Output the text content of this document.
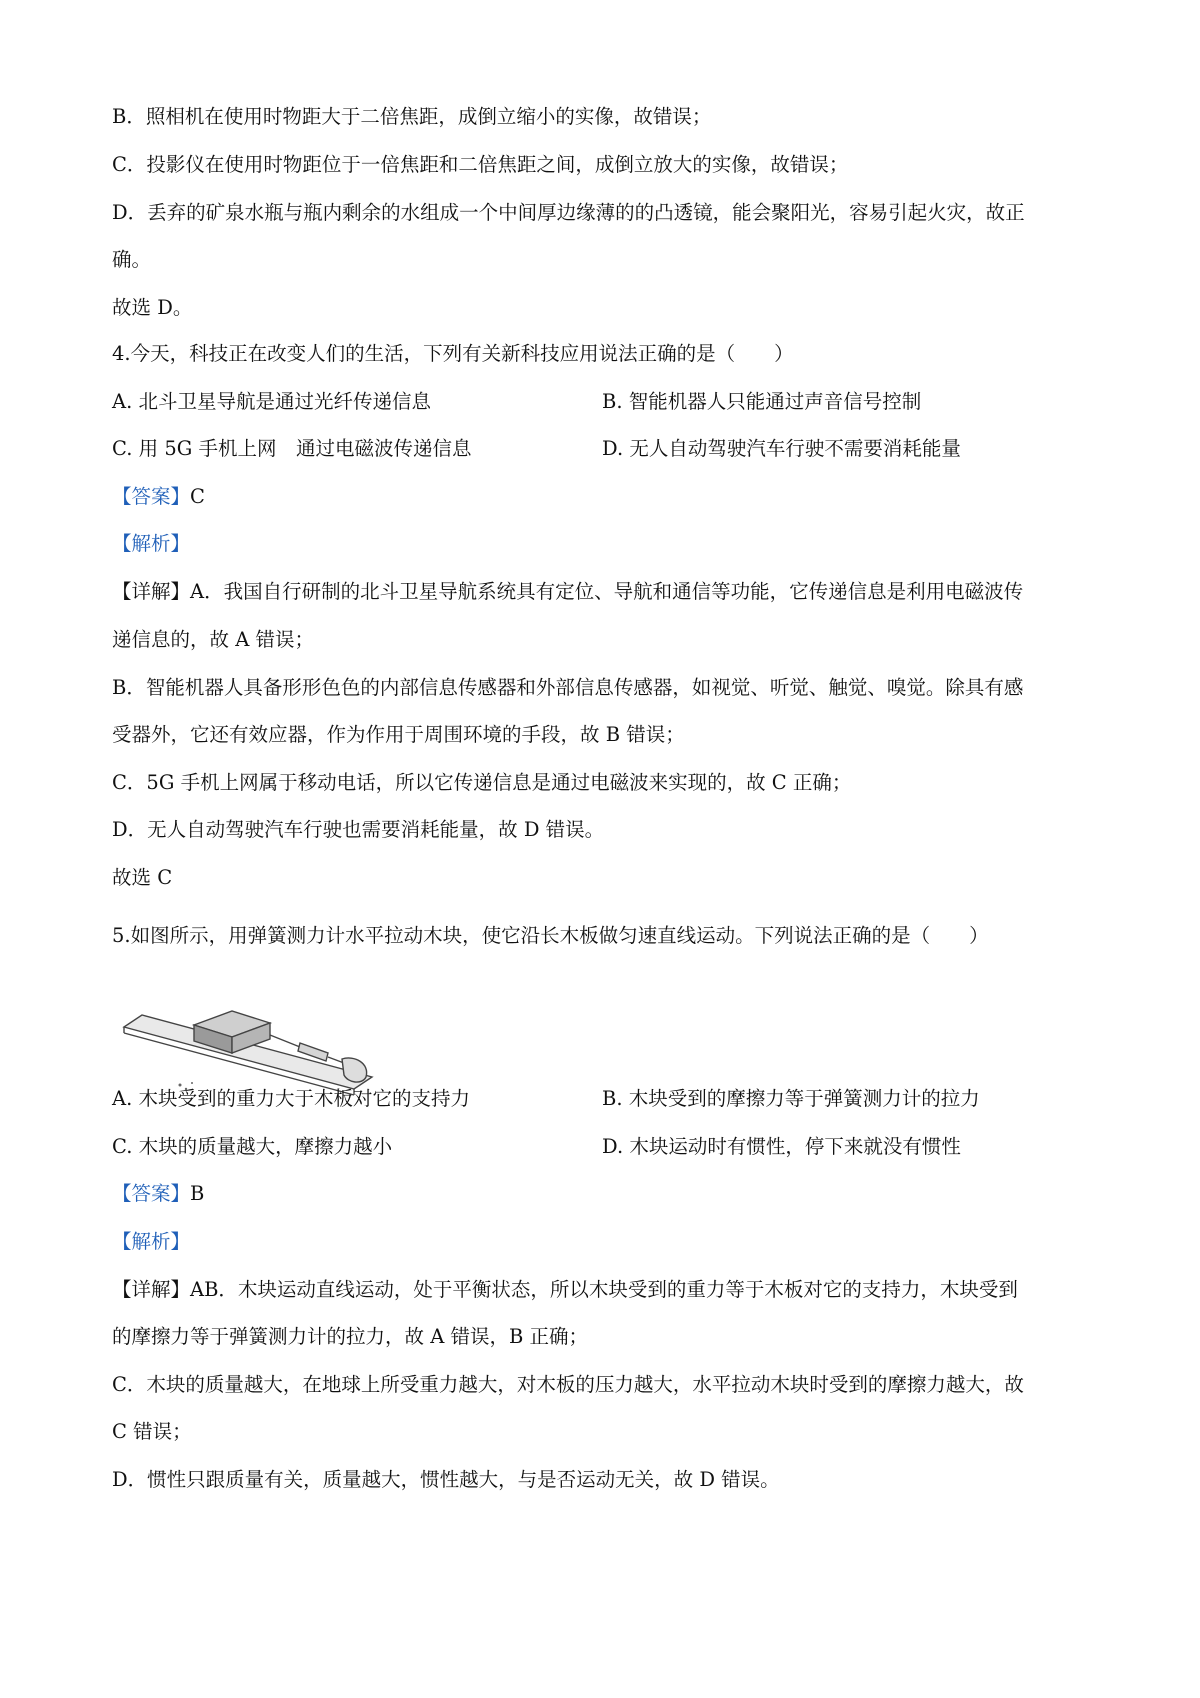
B．照相机在使用时物距大于二倍焦距，成倒立缩小的实像，故错误；
C．投影仪在使用时物距位于一倍焦距和二倍焦距之间，成倒立放大的实像，故错误；
D．丢弃的矿泉水瓶与瓶内剩余的水组成一个中间厚边缘薄的的凸透镜，能会聚阳光，容易引起火灾，故正
确。
故选 D。
4.今天，科技正在改变人们的生活，下列有关新科技应用说法正确的是（　　）
A. 北斗卫星导航是通过光纤传递信息	B. 智能机器人只能通过声音信号控制
C. 用 5G 手机上网　通过电磁波传递信息	D. 无人自动驾驶汽车行驶不需要消耗能量
【答案】C
【解析】
【详解】A．我国自行研制的北斗卫星导航系统具有定位、导航和通信等功能，它传递信息是利用电磁波传
递信息的，故 A 错误；
B．智能机器人具备形形色色的内部信息传感器和外部信息传感器，如视觉、听觉、触觉、嗅觉。除具有感
受器外，它还有效应器，作为作用于周围环境的手段，故 B 错误；
C．5G 手机上网属于移动电话，所以它传递信息是通过电磁波来实现的，故 C 正确；
D．无人自动驾驶汽车行驶也需要消耗能量，故 D 错误。
故选 C
5.如图所示，用弹簧测力计水平拉动木块，使它沿长木板做匀速直线运动。下列说法正确的是（　　）
A. 木块受到的重力大于木板对它的支持力	B. 木块受到的摩擦力等于弹簧测力计的拉力
C. 木块的质量越大，摩擦力越小	D. 木块运动时有惯性，停下来就没有惯性
【答案】B
【解析】
【详解】AB．木块运动直线运动，处于平衡状态，所以木块受到的重力等于木板对它的支持力，木块受到
的摩擦力等于弹簧测力计的拉力，故 A 错误，B 正确；
C．木块的质量越大，在地球上所受重力越大，对木板的压力越大，水平拉动木块时受到的摩擦力越大，故
C 错误；
D．惯性只跟质量有关，质量越大，惯性越大，与是否运动无关，故 D 错误。
